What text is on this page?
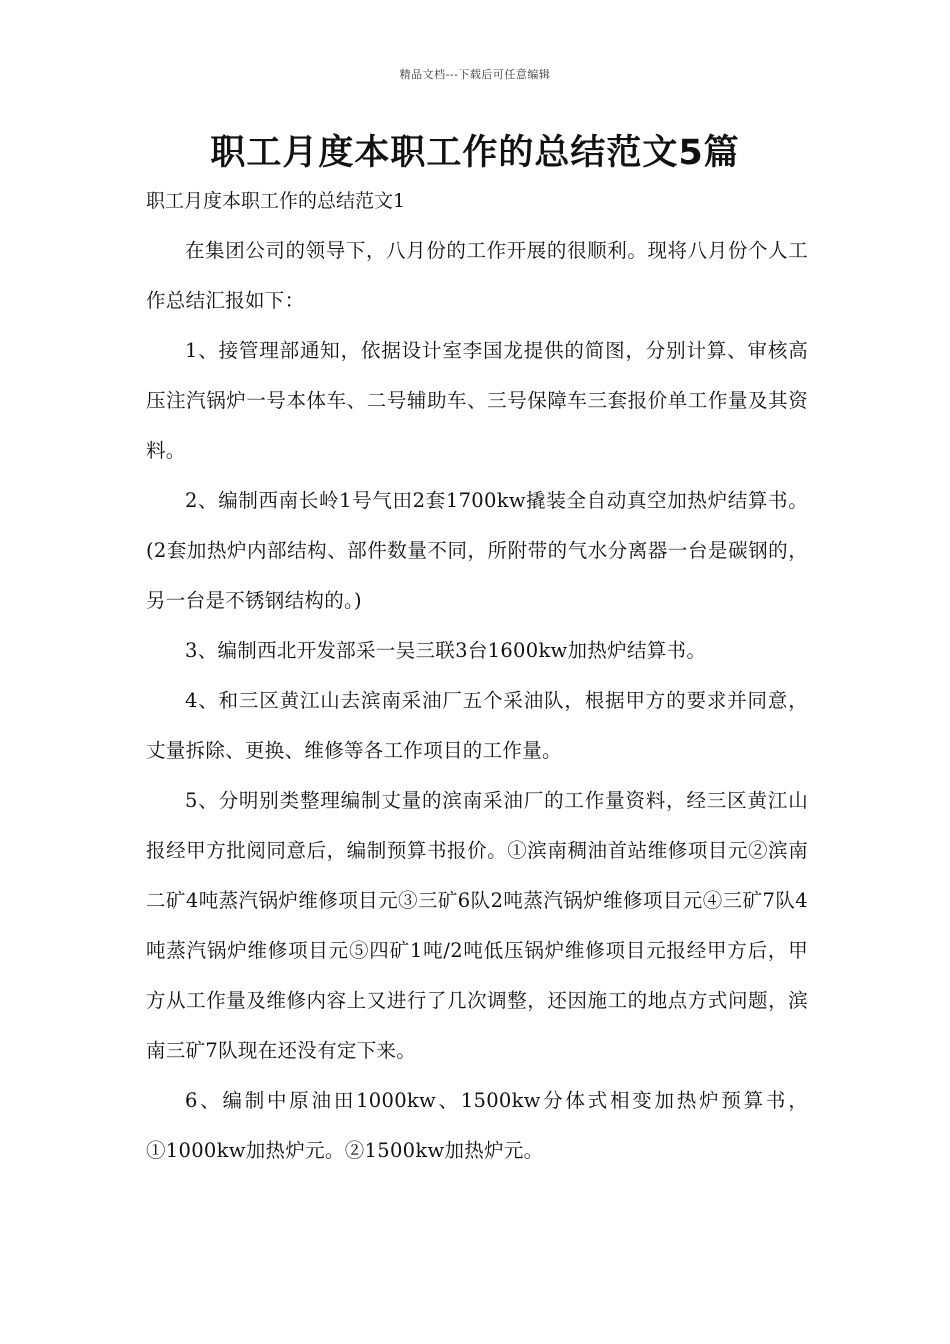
精品文档---下载后可任意编辑
职工月度本职工作的总结范文5篇

职工月度本职工作的总结范文1

在集团公司的领导下，八月份的工作开展的很顺利。现将八月份个人工作总结汇报如下：

1、接管理部通知，依据设计室李国龙提供的简图，分别计算、审核高压注汽锅炉一号本体车、二号辅助车、三号保障车三套报价单工作量及其资料。

2、编制西南长岭1号气田2套1700kw撬装全自动真空加热炉结算书。(2套加热炉内部结构、部件数量不同，所附带的气水分离器一台是碳钢的，另一台是不锈钢结构的。)

3、编制西北开发部采一吴三联3台1600kw加热炉结算书。

4、和三区黄江山去滨南采油厂五个采油队，根据甲方的要求并同意，丈量拆除、更换、维修等各工作项目的工作量。

5、分明别类整理编制丈量的滨南采油厂的工作量资料，经三区黄江山报经甲方批阅同意后，编制预算书报价。①滨南稠油首站维修项目元②滨南二矿4吨蒸汽锅炉维修项目元③三矿6队2吨蒸汽锅炉维修项目元④三矿7队4吨蒸汽锅炉维修项目元⑤四矿1吨/2吨低压锅炉维修项目元报经甲方后，甲方从工作量及维修内容上又进行了几次调整，还因施工的地点方式问题，滨南三矿7队现在还没有定下来。

6、编制中原油田1000kw、1500kw分体式相变加热炉预算书，①1000kw加热炉元。②1500kw加热炉元。
